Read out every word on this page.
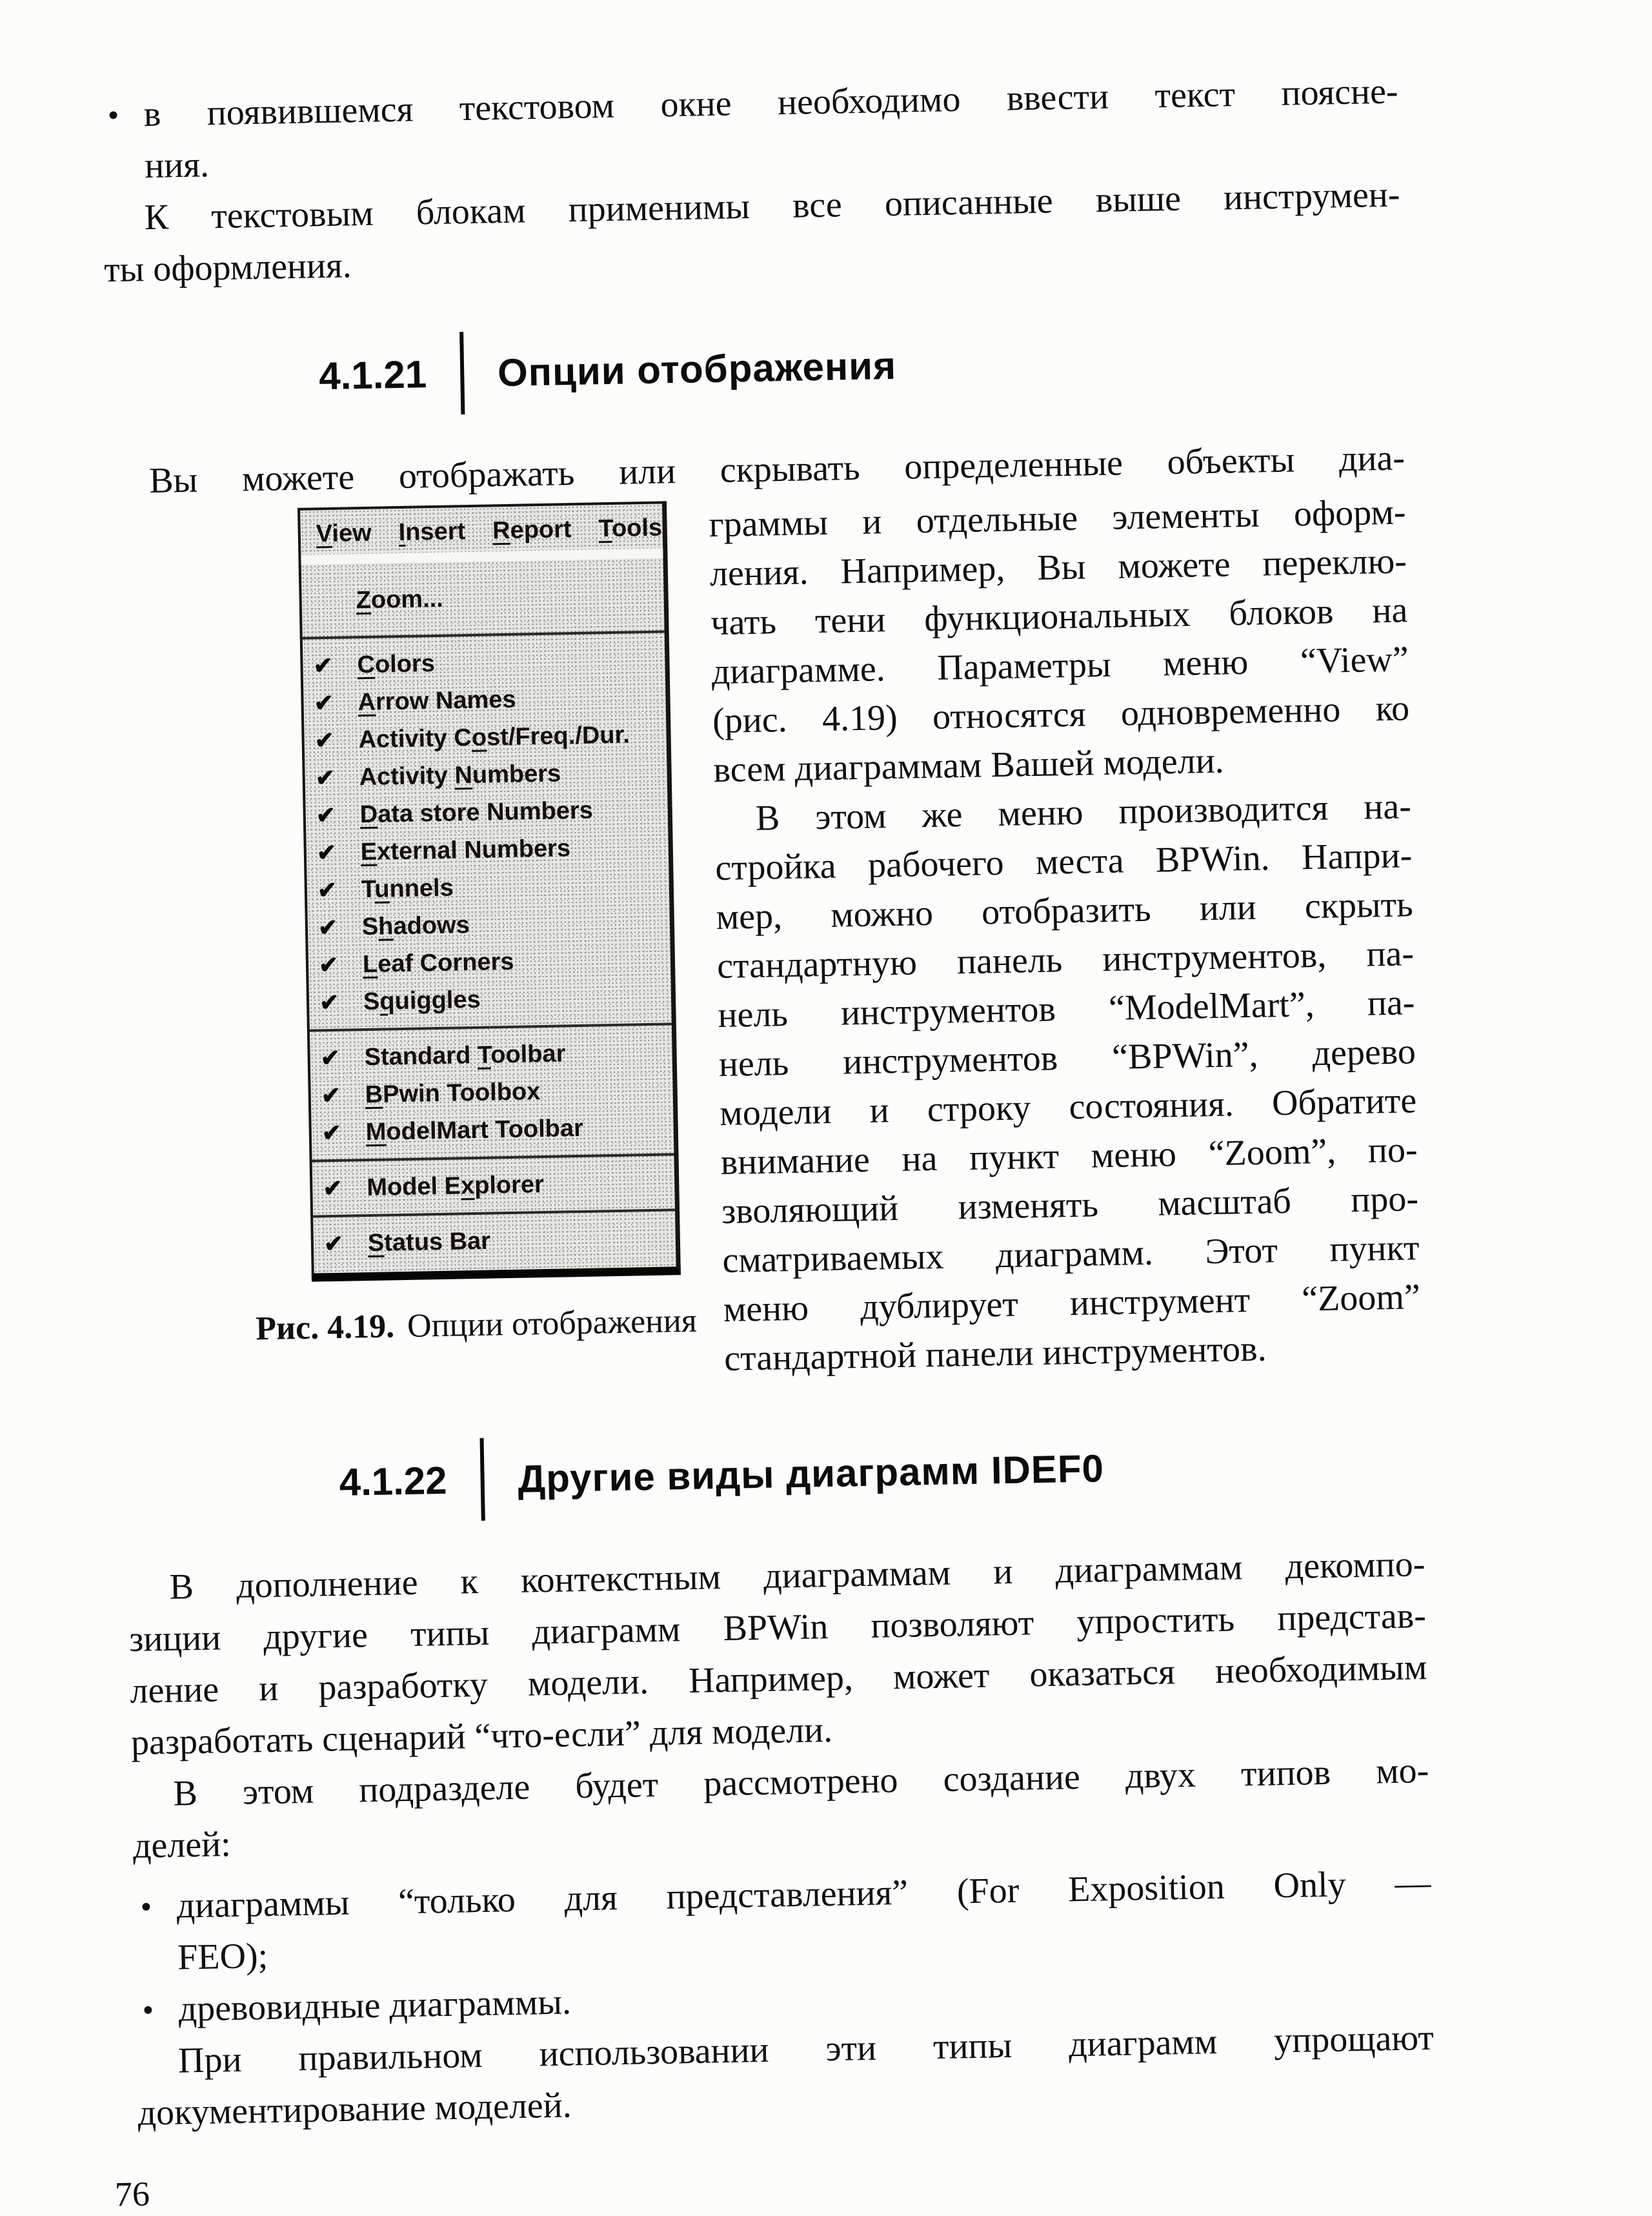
• в появившемся текстовом окне необходимо ввести текст поясне-
ния.
К текстовым блокам применимы все описанные выше инструмен-
ты оформления.
4.1.21 Опции отображения
Вы можете отображать или скрывать определенные объекты диа-
View Insert Report Tools
Zoom...
✔ Colors
✔ Arrow Names
✔ Activity Cost/Freq./Dur.
✔ Activity Numbers
✔ Data store Numbers
✔ External Numbers
✔ Tunnels
✔ Shadows
✔ Leaf Corners
✔ Squiggles
✔ Standard Toolbar
✔ BPwin Toolbox
✔ ModelMart Toolbar
✔ Model Explorer
✔ Status Bar
Рис. 4.19. Опции отображения
граммы и отдельные элементы оформ-
ления. Например, Вы можете переклю-
чать тени функциональных блоков на
диаграмме. Параметры меню “View”
(рис. 4.19) относятся одновременно ко
всем диаграммам Вашей модели.
В этом же меню производится на-
стройка рабочего места BPWin. Напри-
мер, можно отобразить или скрыть
стандартную панель инструментов, па-
нель инструментов “ModelMart”, па-
нель инструментов “BPWin”, дерево
модели и строку состояния. Обратите
внимание на пункт меню “Zoom”, по-
зволяющий изменять масштаб про-
сматриваемых диаграмм. Этот пункт
меню дублирует инструмент “Zoom”
стандартной панели инструментов.
4.1.22 Другие виды диаграмм IDEF0
В дополнение к контекстным диаграммам и диаграммам декомпо-
зиции другие типы диаграмм BPWin позволяют упростить представ-
ление и разработку модели. Например, может оказаться необходимым
разработать сценарий “что-если” для модели.
В этом подразделе будет рассмотрено создание двух типов мо-
делей:
• диаграммы “только для представления” (For Exposition Only —
FEO);
• древовидные диаграммы.
При правильном использовании эти типы диаграмм упрощают
документирование моделей.
76
